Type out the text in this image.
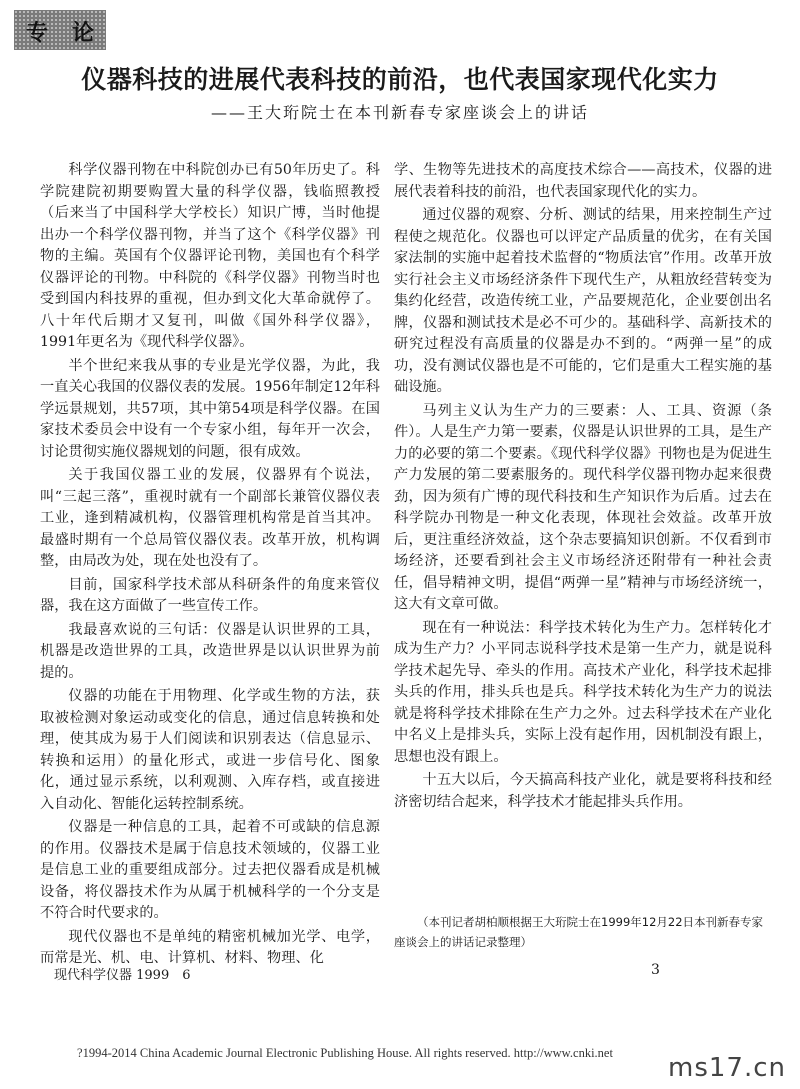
专 论
仪器科技的进展代表科技的前沿，也代表国家现代化实力
——王大珩院士在本刊新春专家座谈会上的讲话

科学仪器刊物在中科院创办已有50年历史了。科学院建院初期要购置大量的科学仪器，钱临照教授（后来当了中国科学大学校长）知识广博，当时他提出办一个科学仪器刊物，并当了这个《科学仪器》刊物的主编。英国有个仪器评论刊物，美国也有个科学仪器评论的刊物。中科院的《科学仪器》刊物当时也受到国内科技界的重视，但办到文化大革命就停了。八十年代后期才又复刊，叫做《国外科学仪器》，1991年更名为《现代科学仪器》。

半个世纪来我从事的专业是光学仪器，为此，我一直关心我国的仪器仪表的发展。1956年制定12年科学远景规划，共57项，其中第54项是科学仪器。在国家技术委员会中设有一个专家小组，每年开一次会，讨论贯彻实施仪器规划的问题，很有成效。

关于我国仪器工业的发展，仪器界有个说法，叫“三起三落”，重视时就有一个副部长兼管仪器仪表工业，逢到精减机构，仪器管理机构常是首当其冲。最盛时期有一个总局管仪器仪表。改革开放，机构调整，由局改为处，现在处也没有了。

目前，国家科学技术部从科研条件的角度来管仪器，我在这方面做了一些宣传工作。

我最喜欢说的三句话：仪器是认识世界的工具，机器是改造世界的工具，改造世界是以认识世界为前提的。

仪器的功能在于用物理、化学或生物的方法，获取被检测对象运动或变化的信息，通过信息转换和处理，使其成为易于人们阅读和识别表达（信息显示、转换和运用）的量化形式，或进一步信号化、图象化，通过显示系统，以利观测、入库存档，或直接进入自动化、智能化运转控制系统。

仪器是一种信息的工具，起着不可或缺的信息源的作用。仪器技术是属于信息技术领域的，仪器工业是信息工业的重要组成部分。过去把仪器看成是机械设备，将仪器技术作为从属于机械科学的一个分支是不符合时代要求的。

现代仪器也不是单纯的精密机械加光学、电学，而常是光、机、电、计算机、材料、物理、化

学、生物等先进技术的高度技术综合——高技术，仪器的进展代表着科技的前沿，也代表国家现代化的实力。

通过仪器的观察、分析、测试的结果，用来控制生产过程使之规范化。仪器也可以评定产品质量的优劣，在有关国家法制的实施中起着技术监督的“物质法官”作用。改革开放实行社会主义市场经济条件下现代生产，从粗放经营转变为集约化经营，改造传统工业，产品要规范化，企业要创出名牌，仪器和测试技术是必不可少的。基础科学、高新技术的研究过程没有高质量的仪器是办不到的。“两弹一星”的成功，没有测试仪器也是不可能的，它们是重大工程实施的基础设施。

马列主义认为生产力的三要素：人、工具、资源（条件）。人是生产力第一要素，仪器是认识世界的工具，是生产力的必要的第二个要素。《现代科学仪器》刊物也是为促进生产力发展的第二要素服务的。现代科学仪器刊物办起来很费劲，因为须有广博的现代科技和生产知识作为后盾。过去在科学院办刊物是一种文化表现，体现社会效益。改革开放后，更注重经济效益，这个杂志要搞知识创新。不仅看到市场经济，还要看到社会主义市场经济还附带有一种社会责任，倡导精神文明，提倡“两弹一星”精神与市场经济统一，这大有文章可做。

现在有一种说法：科学技术转化为生产力。怎样转化才成为生产力？小平同志说科学技术是第一生产力，就是说科学技术起先导、牵头的作用。高技术产业化，科学技术起排头兵的作用，排头兵也是兵。科学技术转化为生产力的说法就是将科学技术排除在生产力之外。过去科学技术在产业化中名义上是排头兵，实际上没有起作用，因机制没有跟上，思想也没有跟上。

十五大以后，今天搞高科技产业化，就是要将科技和经济密切结合起来，科学技术才能起排头兵作用。

（本刊记者胡柏顺根据王大珩院士在1999年12月22日本刊新春专家座谈会上的讲话记录整理）
现代科学仪器 1999　6	3
?1994-2014 China Academic Journal Electronic Publishing House. All rights reserved. http://www.cnki.net	ms17.cn
